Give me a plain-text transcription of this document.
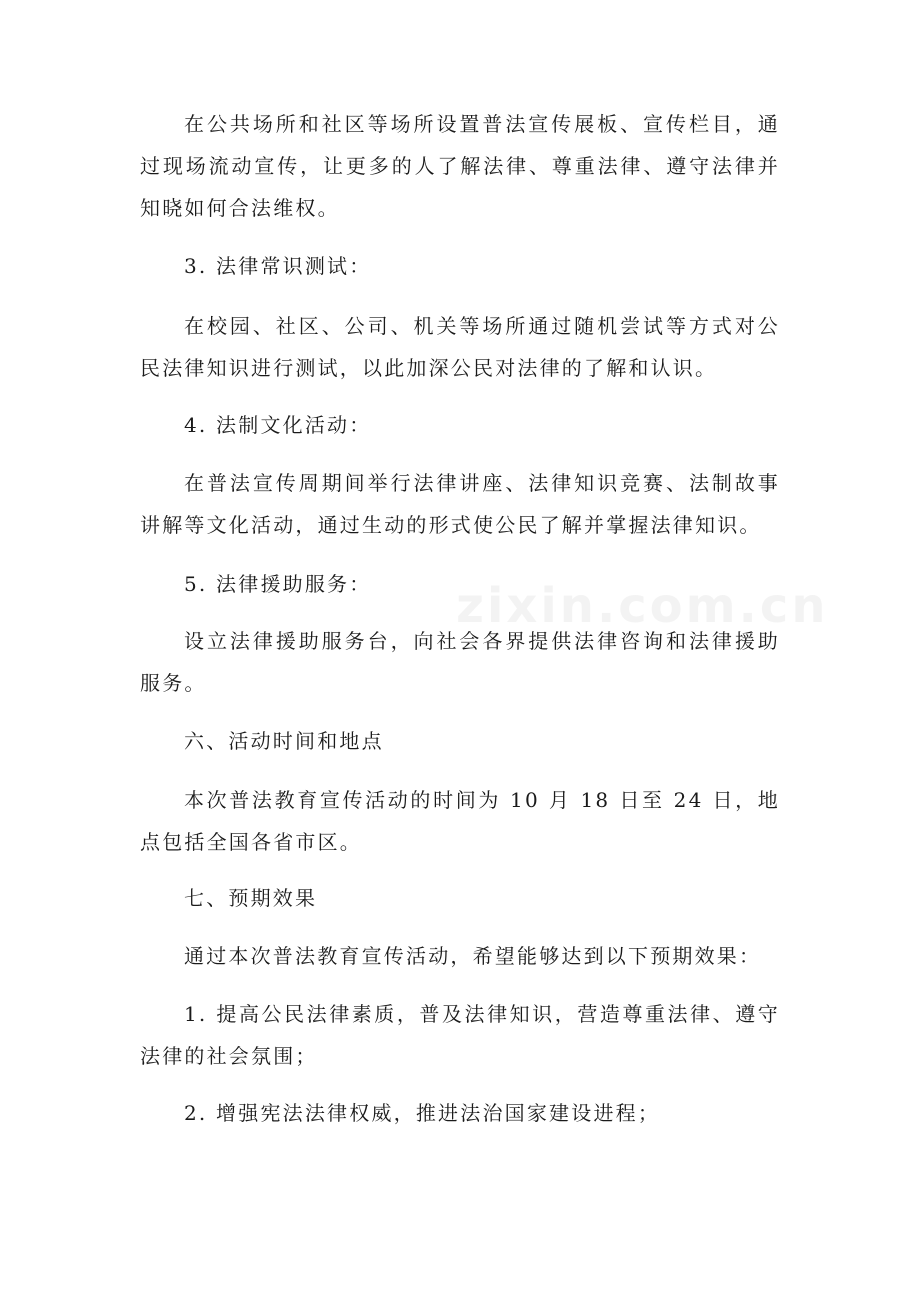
在公共场所和社区等场所设置普法宣传展板、宣传栏目，通过现场流动宣传，让更多的人了解法律、尊重法律、遵守法律并知晓如何合法维权。

3. 法律常识测试：

在校园、社区、公司、机关等场所通过随机尝试等方式对公民法律知识进行测试，以此加深公民对法律的了解和认识。

4. 法制文化活动：

在普法宣传周期间举行法律讲座、法律知识竞赛、法制故事讲解等文化活动，通过生动的形式使公民了解并掌握法律知识。

5. 法律援助服务：

设立法律援助服务台，向社会各界提供法律咨询和法律援助服务。

六、活动时间和地点

本次普法教育宣传活动的时间为 10 月 18 日至 24 日，地点包括全国各省市区。

七、预期效果

通过本次普法教育宣传活动，希望能够达到以下预期效果：

1. 提高公民法律素质，普及法律知识，营造尊重法律、遵守法律的社会氛围；

2. 增强宪法法律权威，推进法治国家建设进程；

zixin.com.cn
